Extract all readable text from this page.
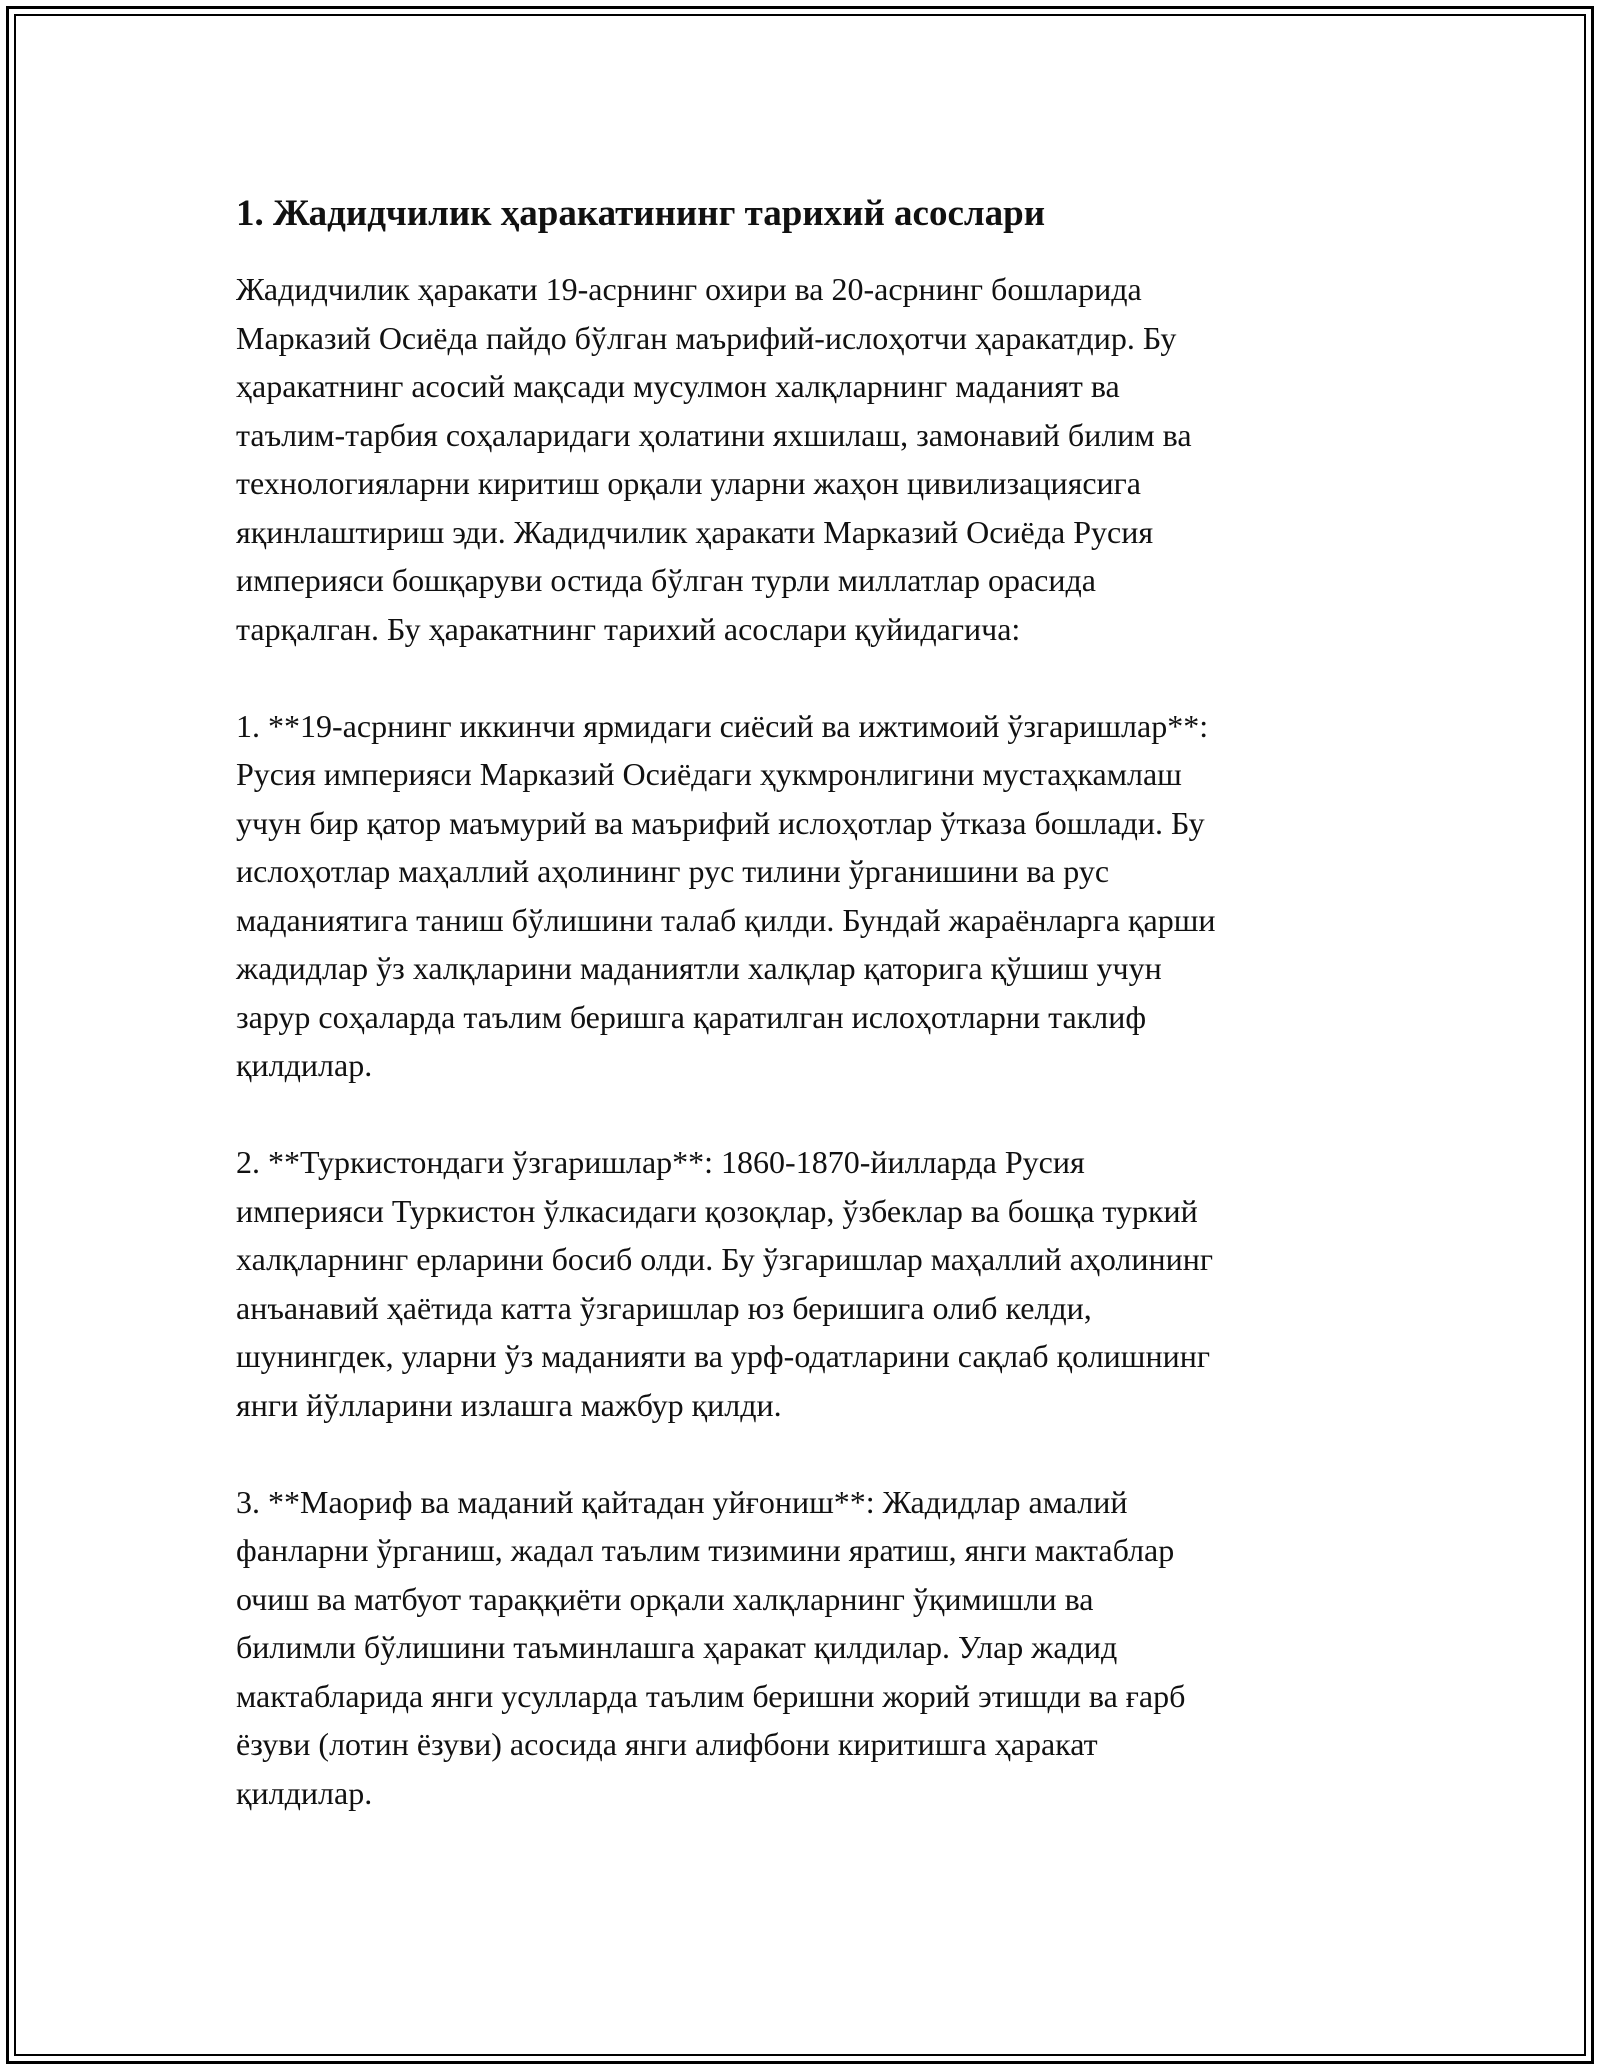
1. Жадидчилик ҳаракатининг тарихий асослари

Жадидчилик ҳаракати 19-асрнинг охири ва 20-асрнинг бошларида
Марказий Осиёда пайдо бўлган маърифий-ислоҳотчи ҳаракатдир. Бу
ҳаракатнинг асосий мақсади мусулмон халқларнинг маданият ва
таълим-тарбия соҳаларидаги ҳолатини яхшилаш, замонавий билим ва
технологияларни киритиш орқали уларни жаҳон цивилизациясига
яқинлаштириш эди. Жадидчилик ҳаракати Марказий Осиёда Русия
империяси бошқаруви остида бўлган турли миллатлар орасида
тарқалган. Бу ҳаракатнинг тарихий асослари қуйидагича:

1. **19-асрнинг иккинчи ярмидаги сиёсий ва ижтимоий ўзгаришлар**:
Русия империяси Марказий Осиёдаги ҳукмронлигини мустаҳкамлаш
учун бир қатор маъмурий ва маърифий ислоҳотлар ўтказа бошлади. Бу
ислоҳотлар маҳаллий аҳолининг рус тилини ўрганишини ва рус
маданиятига таниш бўлишини талаб қилди. Бундай жараёнларга қарши
жадидлар ўз халқларини маданиятли халқлар қаторига қўшиш учун
зарур соҳаларда таълим беришга қаратилган ислоҳотларни таклиф
қилдилар.

2. **Туркистондаги ўзгаришлар**: 1860-1870-йилларда Русия
империяси Туркистон ўлкасидаги қозоқлар, ўзбеклар ва бошқа туркий
халқларнинг ерларини босиб олди. Бу ўзгаришлар маҳаллий аҳолининг
анъанавий ҳаётида катта ўзгаришлар юз беришига олиб келди,
шунингдек, уларни ўз маданияти ва урф-одатларини сақлаб қолишнинг
янги йўлларини излашга мажбур қилди.

3. **Маориф ва маданий қайтадан уйғониш**: Жадидлар амалий
фанларни ўрганиш, жадал таълим тизимини яратиш, янги мактаблар
очиш ва матбуот тараққиёти орқали халқларнинг ўқимишли ва
билимли бўлишини таъминлашга ҳаракат қилдилар. Улар жадид
мактабларида янги усулларда таълим беришни жорий этишди ва ғарб
ёзуви (лотин ёзуви) асосида янги алифбони киритишга ҳаракат
қилдилар.
